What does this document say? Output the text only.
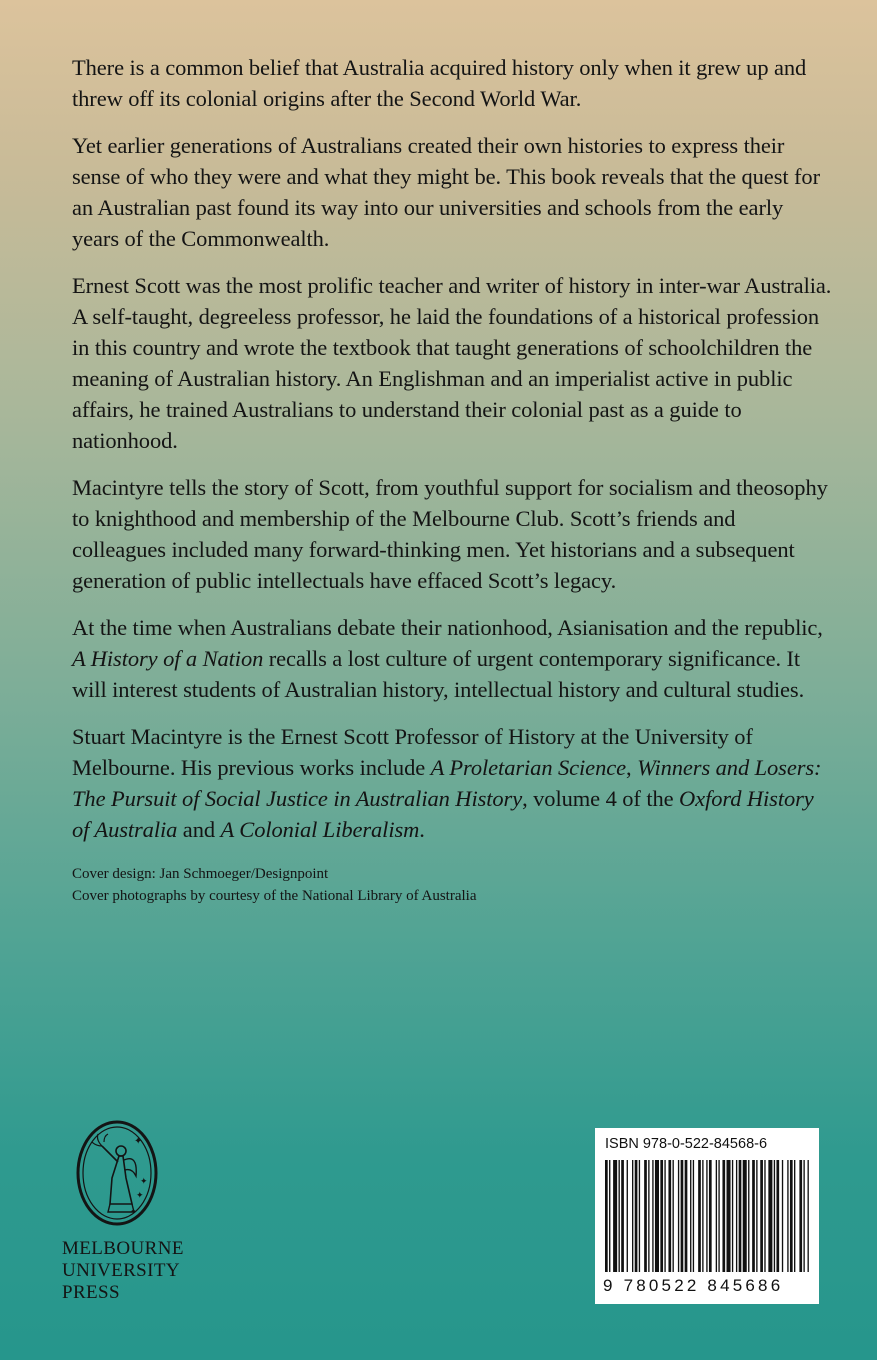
There is a common belief that Australia acquired history only when it grew up and threw off its colonial origins after the Second World War.

Yet earlier generations of Australians created their own histories to express their sense of who they were and what they might be. This book reveals that the quest for an Australian past found its way into our universities and schools from the early years of the Commonwealth.

Ernest Scott was the most prolific teacher and writer of history in inter-war Australia. A self-taught, degreeless professor, he laid the foundations of a historical profession in this country and wrote the textbook that taught generations of schoolchildren the meaning of Australian history. An Englishman and an imperialist active in public affairs, he trained Australians to understand their colonial past as a guide to nationhood.

Macintyre tells the story of Scott, from youthful support for socialism and theosophy to knighthood and membership of the Melbourne Club. Scott’s friends and colleagues included many forward-thinking men. Yet historians and a subsequent generation of public intellectuals have effaced Scott’s legacy.

At the time when Australians debate their nationhood, Asianisation and the republic, A History of a Nation recalls a lost culture of urgent contemporary significance. It will interest students of Australian history, intellectual history and cultural studies.

Stuart Macintyre is the Ernest Scott Professor of History at the University of Melbourne. His previous works include A Proletarian Science, Winners and Losers: The Pursuit of Social Justice in Australian History, volume 4 of the Oxford History of Australia and A Colonial Liberalism.

Cover design: Jan Schmoeger/Designpoint
Cover photographs by courtesy of the National Library of Australia
✦
✦
✦
✦
MELBOURNE
UNIVERSITY
PRESS
ISBN 978-0-522-84568-6
9 780522 845686
